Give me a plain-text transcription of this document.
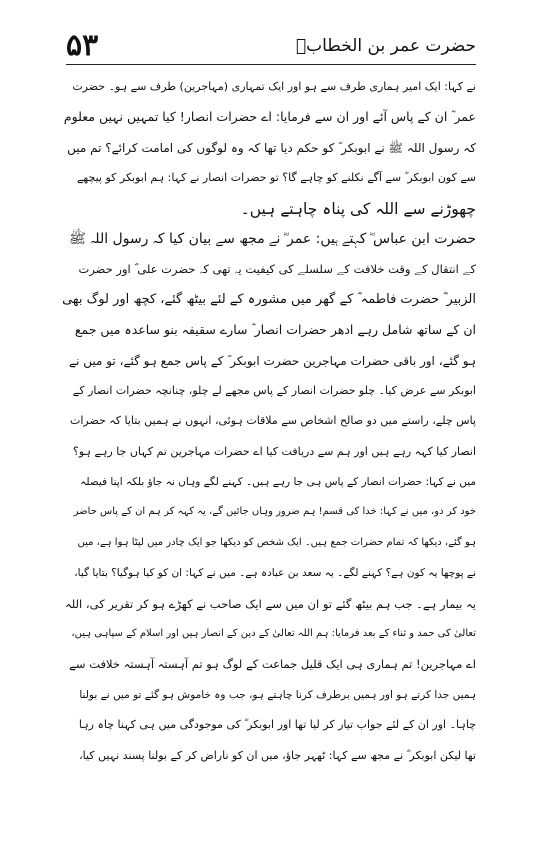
۵۳	حضرت عمر بن الخطابؓ
نے کہا: ایک امیر ہماری طرف سے ہو اور ایک تمہاری (مہاجرین) طرف سے ہو۔ حضرت
عمر ؓ ان کے پاس آئے اور ان سے فرمایا: اے حضرات انصار! کیا تمہیں نہیں معلوم
کہ رسول اللہ ﷺ نے ابوبکر ؓ کو حکم دیا تھا کہ وہ لوگوں کی امامت کرائے؟ تم میں
سے کون ابوبکر ؓ سے آگے نکلنے کو چاہے گا؟ تو حضرات انصار نے کہا: ہم ابوبکر کو پیچھے
چھوڑنے سے اللہ کی پناہ چاہتے ہیں۔
حضرت ابن عباس ؓ کہتے ہیں: عمر ؓ نے مجھ سے بیان کیا کہ رسول اللہ ﷺ
کے انتقال کے وقت خلافت کے سلسلے کی کیفیت یہ تھی کہ حضرت علی ؓ اور حضرت
الزبیر ؓ حضرت فاطمہ ؓ کے گھر میں مشورہ کے لئے بیٹھ گئے، کچھ اور لوگ بھی
ان کے ساتھ شامل رہے ادھر حضرات انصار ؓ سارے سقیفہ بنو ساعدہ میں جمع
ہو گئے، اور باقی حضرات مہاجرین حضرت ابوبکر ؓ کے پاس جمع ہو گئے، تو میں نے
ابوبکر سے عرض کیا۔ چلو حضرات انصار کے پاس مجھے لے چلو، چنانچہ حضرات انصار کے
پاس چلے، راستے میں دو صالح اشخاص سے ملاقات ہوئی، انہوں نے ہمیں بتایا کہ حضرات
انصار کیا کہہ رہے ہیں اور ہم سے دریافت کیا اے حضرات مہاجرین تم کہاں جا رہے ہو؟
میں نے کہا: حضرات انصار کے پاس ہی جا رہے ہیں۔ کہنے لگے وہاں نہ جاؤ بلکہ اپنا فیصلہ
خود کر دو، میں نے کہا: خدا کی قسم! ہم ضرور وہاں جائیں گے، یہ کہہ کر ہم ان کے پاس حاضر
ہو گئے، دیکھا کہ تمام حضرات جمع ہیں۔ ایک شخص کو دیکھا جو ایک چادر میں لپٹا ہوا ہے، میں
نے پوچھا یہ کون ہے؟ کہنے لگے۔ یہ سعد بن عبادہ ہے۔ میں نے کہا: ان کو کیا ہوگیا؟ بتایا گیا،
یہ بیمار ہے۔ جب ہم بیٹھ گئے تو ان میں سے ایک صاحب نے کھڑے ہو کر تقریر کی، اللہ
تعالیٰ کی حمد و ثناء کے بعد فرمایا: ہم اللہ تعالیٰ کے دین کے انصار ہیں اور اسلام کے سپاہی ہیں،
اے مہاجرین! تم ہماری ہی ایک قلیل جماعت کے لوگ ہو تم آہستہ آہستہ خلافت سے
ہمیں جدا کرتے ہو اور ہمیں برطرف کرنا چاہتے ہو، جب وہ خاموش ہو گئے تو میں نے بولنا
چاہا۔ اور ان کے لئے جواب تیار کر لیا تھا اور ابوبکر ؓ کی موجودگی میں ہی کہنا چاہ رہا
تھا لیکن ابوبکر ؓ نے مجھ سے کہا: ٹھہر جاؤ، میں ان کو ناراض کر کے بولنا پسند نہیں کیا،
